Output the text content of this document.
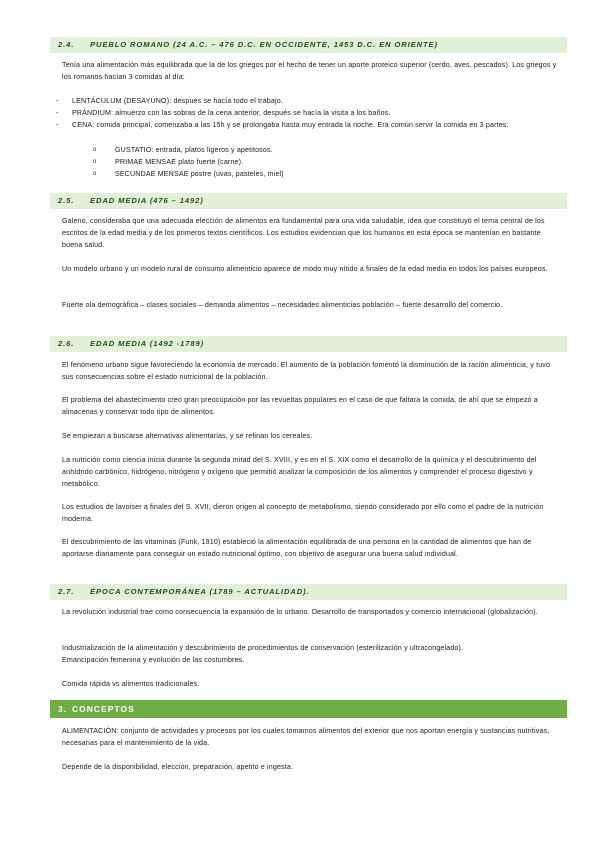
2.4. PUEBLO ROMANO (24 A.C. – 476 D.C. EN OCCIDENTE, 1453 D.C. EN ORIENTE)
Tenía una alimentación más equilibrada que la de los griegos por el hecho de tener un aporte proteico superior (cerdo, aves, pescados). Los griegos y los romanos hacían 3 comidas al día:
- LENTÁCULUM (DESAYUNO): después se hacía todo el trabajo.
- PRÁNDIUM: almuerzo con las sobras de la cena anterior, después se hacía la visita a los baños.
- CENA: comida principal, comenzaba a las 15h y se prolongaba hasta muy entrada la noche. Era común servir la comida en 3 partes:
o	GUSTATIO: entrada, platos ligeros y apetitosos.
o	PRIMAE MENSAE plato fuerte (carne).
o	SECUNDAE MENSAE postre (uvas, pasteles, miel)
2.5. EDAD MEDIA (476 – 1492)
Galeno, consideraba que una adecuada elección de alimentos era fundamental para una vida saludable, idea que constituyó el tema central de los escritos de la edad media y de los primeros textos científicos. Los estudios evidencian que los humanos en esta época se mantenían en bastante buena salud.
Un modelo urbano y un modelo rural de consumo alimenticio aparece de modo muy nítido a finales de la edad media en todos los países europeos.
Fuerte ola demográfica – clases sociales – demanda alimentos – necesidades alimenticias población – fuerte desarrollo del comercio.
2.6. EDAD MEDIA (1492 -1789)
El fenómeno urbano sigue favoreciendo la economía de mercado. El aumento de la población fomentó la disminución de la ración alimenticia, y tuvo sus consecuencias sobre el estado nutricional de la población.
El problema del abastecimiento creo gran preocupación por las revueltas populares en el caso de que faltara la comida, de ahí que se empezó a almacenas y conservar todo tipo de alimentos.
Se empiezan a buscarse alternativas alimentarias, y se refinan los cereales.
La nutrición como ciencia inicia durante la segunda mitad del S. XVIII, y es en el S. XIX como el desarrollo de la química y el descubrimiento del anhídrido carbónico, hidrógeno, nitrógeno y oxígeno que permitió analizar la composición de los alimentos y comprender el proceso digestivo y metabólico.
Los estudios de lavoiser a finales del S. XVII, dieron origen al concepto de metabolismo, siendo considerado por ello como el padre de la nutrición moderna.
El descubrimiento de las vitaminas (Funk, 1910) estableció la alimentación equilibrada de una persona en la cantidad de alimentos que han de aportarse diariamente para conseguir un estado nutricional óptimo, con objetivo de asegurar una buena salud individual.
2.7. ÉPOCA CONTEMPORÁNEA (1789 – ACTUALIDAD).
La revolución industrial trae como consecuencia la expansión de lo urbano. Desarrollo de transportados y comercio internacional (globalización).
Industrialización de la alimentación y descubrimiento de procedimientos de conservación (esterilización y ultracongelado).
Emancipación femenina y evolución de las costumbres.
Comida rápida vs alimentos tradicionales.
3. CONCEPTOS
ALIMENTACIÓN: conjunto de actividades y procesos por los cuales tomamos alimentos del exterior que nos aportan energía y sustancias nutritivas, necesarias para el mantenimiento de la vida.
Depende de la disponibilidad, elección, preparación, apetito e ingesta.
